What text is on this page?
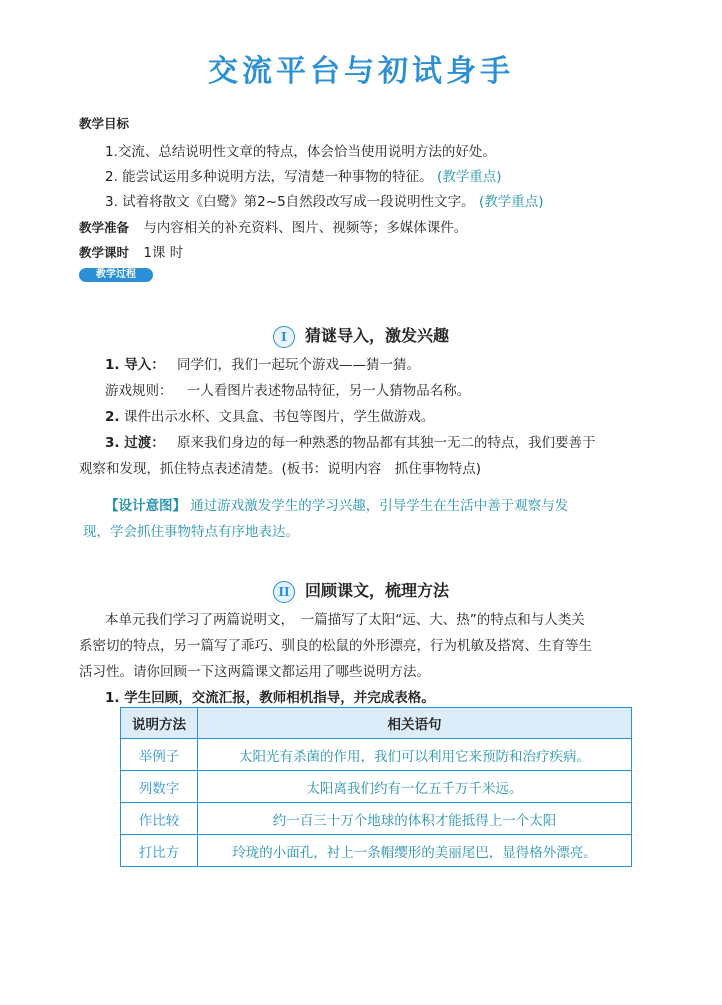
交流平台与初试身手
教学目标
1.交流、总结说明性文章的特点，体会恰当使用说明方法的好处。
2. 能尝试运用多种说明方法，写清楚一种事物的特征。 (教学重点)
3. 试着将散文《白鹭》第2~5自然段改写成一段说明性文字。 (教学重点)
教学准备 与内容相关的补充资料、图片、视频等；多媒体课件。
教学课时 1课 时
教学过程
I 猜谜导入，激发兴趣
1. 导入： 同学们，我们一起玩个游戏——猜一猜。
游戏规则： 一人看图片表述物品特征，另一人猜物品名称。
2. 课件出示水杯、文具盒、书包等图片，学生做游戏。
3. 过渡： 原来我们身边的每一种熟悉的物品都有其独一无二的特点，我们要善于
观察和发现，抓住特点表述清楚。(板书：说明内容　抓住事物特点)
【设计意图】 通过游戏激发学生的学习兴趣，引导学生在生活中善于观察与发
现，学会抓住事物特点有序地表达。
II 回顾课文，梳理方法
本单元我们学习了两篇说明文，　一篇描写了太阳“远、大、热”的特点和与人类关
系密切的特点，另一篇写了乖巧、驯良的松鼠的外形漂亮，行为机敏及搭窝、生育等生
活习性。请你回顾一下这两篇课文都运用了哪些说明方法。
1. 学生回顾，交流汇报，教师相机指导，并完成表格。
说明方法	相关语句
举例子	太阳光有杀菌的作用，我们可以利用它来预防和治疗疾病。
列数字	太阳离我们约有一亿五千万千米远。
作比较	约一百三十万个地球的体积才能抵得上一个太阳
打比方	玲珑的小面孔，衬上一条帽缨形的美丽尾巴，显得格外漂亮。
